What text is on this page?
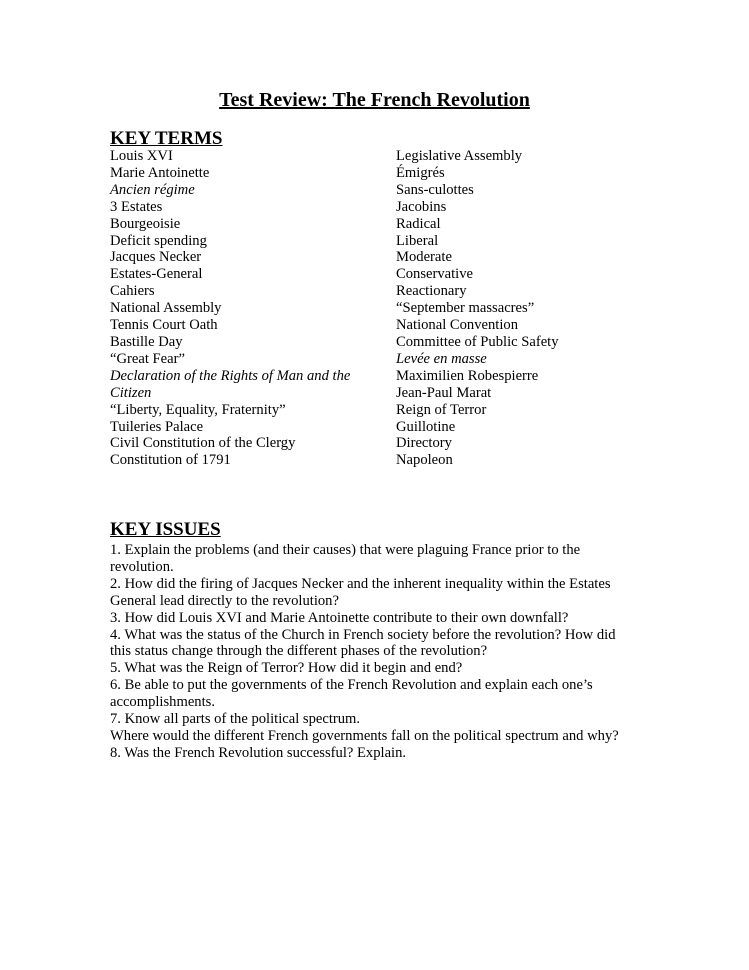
Test Review: The French Revolution
KEY TERMS
Louis XVI
Marie Antoinette
Ancien régime
3 Estates
Bourgeoisie
Deficit spending
Jacques Necker
Estates-General
Cahiers
National Assembly
Tennis Court Oath
Bastille Day
“Great Fear”
Declaration of the Rights of Man and the
Citizen
“Liberty, Equality, Fraternity”
Tuileries Palace
Civil Constitution of the Clergy
Constitution of 1791
Legislative Assembly
Émigrés
Sans-culottes
Jacobins
Radical
Liberal
Moderate
Conservative
Reactionary
“September massacres”
National Convention
Committee of Public Safety
Levée en masse
Maximilien Robespierre
Jean-Paul Marat
Reign of Terror
Guillotine
Directory
Napoleon
KEY ISSUES
1. Explain the problems (and their causes) that were plaguing France prior to the
revolution.
2. How did the firing of Jacques Necker and the inherent inequality within the Estates
General lead directly to the revolution?
3. How did Louis XVI and Marie Antoinette contribute to their own downfall?
4. What was the status of the Church in French society before the revolution? How did
this status change through the different phases of the revolution?
5. What was the Reign of Terror? How did it begin and end?
6. Be able to put the governments of the French Revolution and explain each one’s
accomplishments.
7. Know all parts of the political spectrum.
Where would the different French governments fall on the political spectrum and why?
8. Was the French Revolution successful? Explain.
